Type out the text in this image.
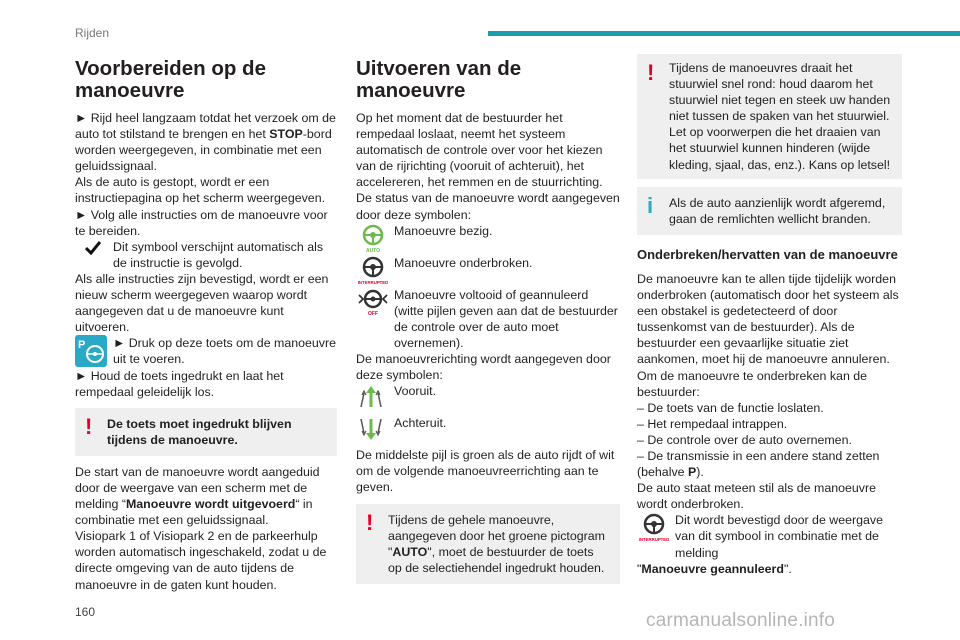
Rijden
Voorbereiden op de manoeuvre

► Rijd heel langzaam totdat het verzoek om de auto tot stilstand te brengen en het STOP-bord worden weergegeven, in combinatie met een geluidssignaal.

Als de auto is gestopt, wordt er een instructiepagina op het scherm weergegeven.

► Volg alle instructies om de manoeuvre voor te bereiden.

Dit symbool verschijnt automatisch als de instructie is gevolgd.

Als alle instructies zijn bevestigd, wordt er een nieuw scherm weergegeven waarop wordt aangegeven dat u de manoeuvre kunt uitvoeren.

P ► Druk op deze toets om de manoeuvre uit te voeren.

► Houd de toets ingedrukt en laat het rempedaal geleidelijk los.

! De toets moet ingedrukt blijven tijdens de manoeuvre.

De start van de manoeuvre wordt aangeduid door de weergave van een scherm met de melding “Manoeuvre wordt uitgevoerd“ in combinatie met een geluidssignaal.

Visiopark 1 of Visiopark 2 en de parkeerhulp worden automatisch ingeschakeld, zodat u de directe omgeving van de auto tijdens de manoeuvre in de gaten kunt houden.

Uitvoeren van de manoeuvre

Op het moment dat de bestuurder het rempedaal loslaat, neemt het systeem automatisch de controle over voor het kiezen van de rijrichting (vooruit of achteruit), het accelereren, het remmen en de stuurrichting.

De status van de manoeuvre wordt aangegeven door deze symbolen:

AUTO
Manoeuvre bezig.
INTERRUPTED
Manoeuvre onderbroken.
OFF
Manoeuvre voltooid of geannuleerd (witte pijlen geven aan dat de bestuurder de controle over de auto moet overnemen).

De manoeuvrerichting wordt aangegeven door deze symbolen:

Vooruit.
Achteruit.

De middelste pijl is groen als de auto rijdt of wit om de volgende manoeuvreerrichting aan te geven.

! Tijdens de gehele manoeuvre, aangegeven door het groene pictogram "AUTO", moet de bestuurder de toets op de selectiehendel ingedrukt houden.
! Tijdens de manoeuvres draait het stuurwiel snel rond: houd daarom het stuurwiel niet tegen en steek uw handen niet tussen de spaken van het stuurwiel. Let op voorwerpen die het draaien van het stuurwiel kunnen hinderen (wijde kleding, sjaal, das, enz.). Kans op letsel!
i Als de auto aanzienlijk wordt afgeremd, gaan de remlichten wellicht branden.

Onderbreken/hervatten van de manoeuvre

De manoeuvre kan te allen tijde tijdelijk worden onderbroken (automatisch door het systeem als een obstakel is gedetecteerd of door tussenkomst van de bestuurder). Als de bestuurder een gevaarlijke situatie ziet aankomen, moet hij de manoeuvre annuleren.

Om de manoeuvre te onderbreken kan de bestuurder:

– De toets van de functie loslaten.

– Het rempedaal intrappen.

– De controle over de auto overnemen.

– De transmissie in een andere stand zetten

(behalve P).

De auto staat meteen stil als de manoeuvre wordt onderbroken.

INTERRUPTED
Dit wordt bevestigd door de weergave van dit symbool in combinatie met de melding

"Manoeuvre geannuleerd".

160	carmanualsonline.info
